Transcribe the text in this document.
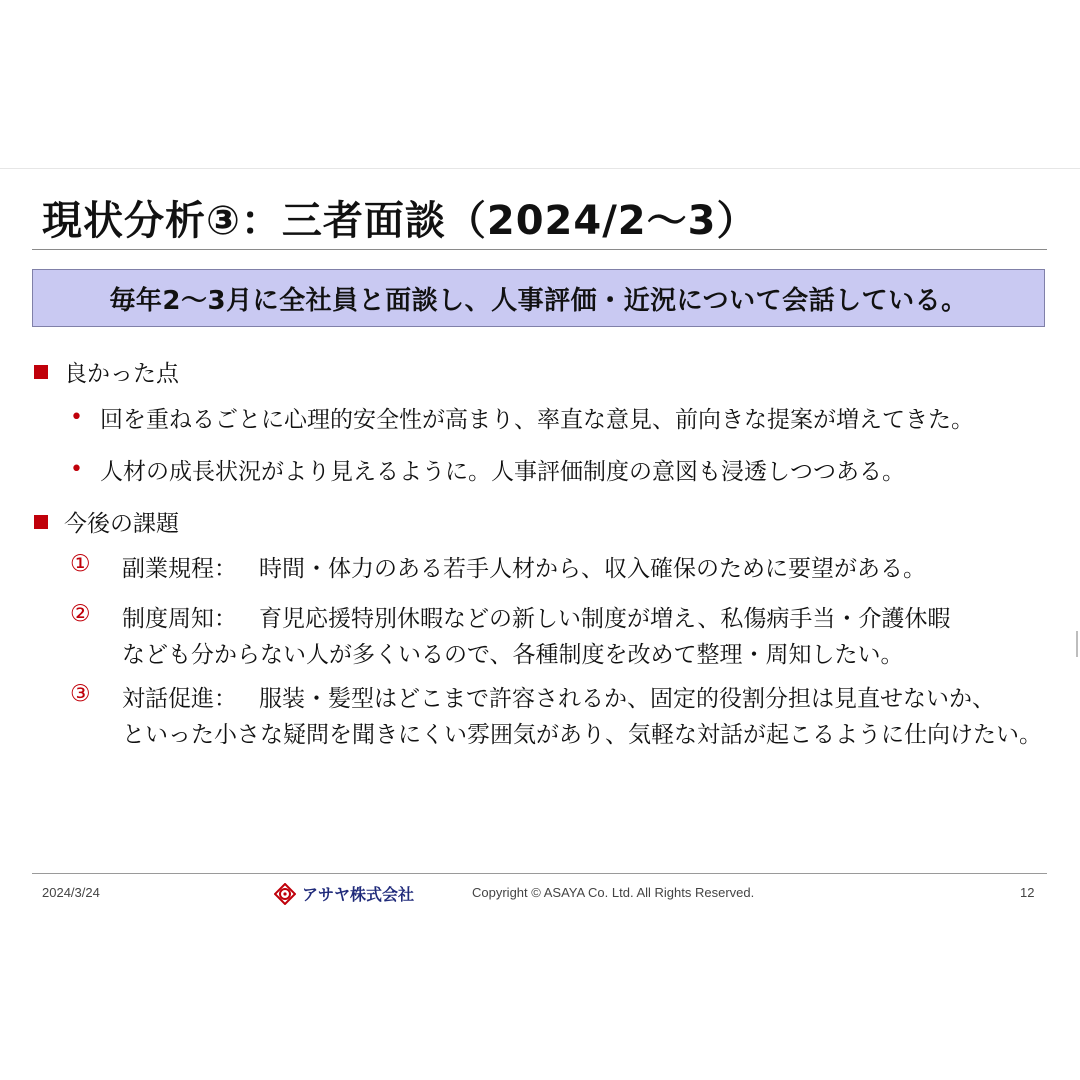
現状分析③：三者面談（2024/2～3）
毎年2～3月に全社員と面談し、人事評価・近況について会話している。
良かった点
• 回を重ねるごとに心理的安全性が高まり、率直な意見、前向きな提案が増えてきた。
• 人材の成長状況がより見えるように。人事評価制度の意図も浸透しつつある。
今後の課題
①	副業規程： 時間・体力のある若手人材から、収入確保のために要望がある。
②	制度周知： 育児応援特別休暇などの新しい制度が増え、私傷病手当・介護休暇
なども分からない人が多くいるので、各種制度を改めて整理・周知したい。
③	対話促進： 服装・髪型はどこまで許容されるか、固定的役割分担は見直せないか、
といった小さな疑問を聞きにくい雰囲気があり、気軽な対話が起こるように仕向けたい。
2024/3/24	アサヤ株式会社	Copyright © ASAYA Co. Ltd. All Rights Reserved.	12
